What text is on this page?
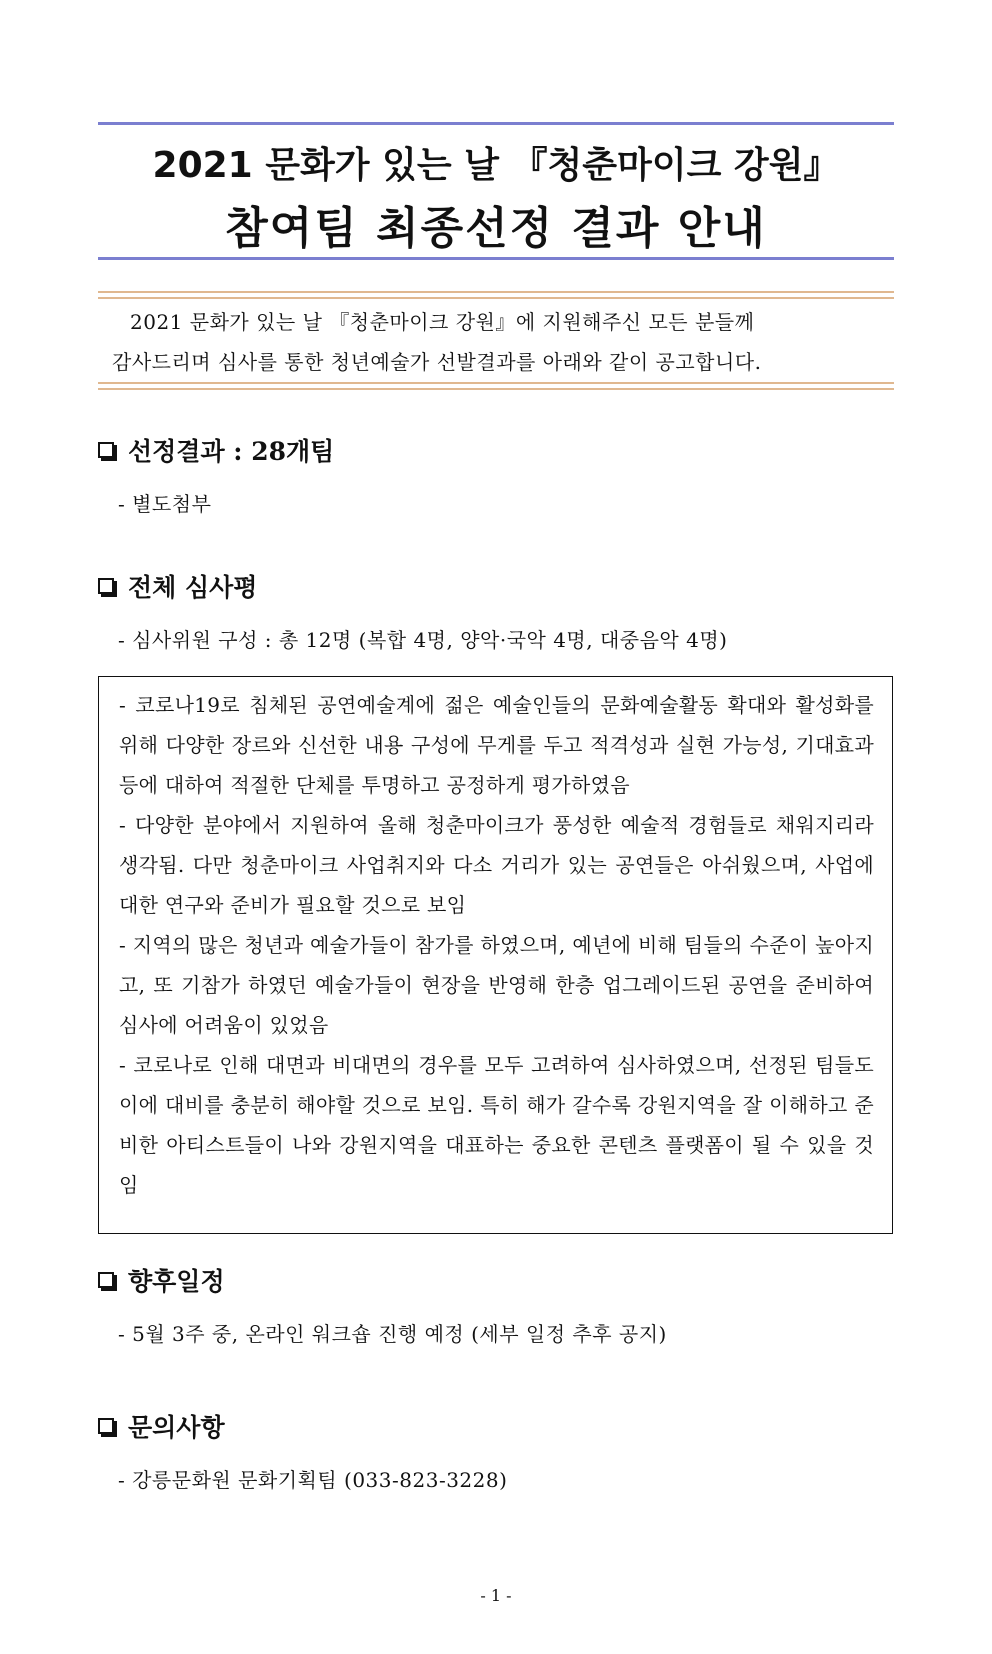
2021 문화가 있는 날 『청춘마이크 강원』
참여팀 최종선정 결과 안내
2021 문화가 있는 날 『청춘마이크 강원』에 지원해주신 모든 분들께
감사드리며 심사를 통한 청년예술가 선발결과를 아래와 같이 공고합니다.
선정결과 : 28개팀
- 별도첨부
전체 심사평
- 심사위원 구성 : 총 12명 (복합 4명, 양악·국악 4명, 대중음악 4명)

- 코로나19로 침체된 공연예술계에 젊은 예술인들의 문화예술활동 확대와 활성화를 위해 다양한 장르와 신선한 내용 구성에 무게를 두고 적격성과 실현 가능성, 기대효과 등에 대하여 적절한 단체를 투명하고 공정하게 평가하였음

- 다양한 분야에서 지원하여 올해 청춘마이크가 풍성한 예술적 경험들로 채워지리라 생각됨. 다만 청춘마이크 사업취지와 다소 거리가 있는 공연들은 아쉬웠으며, 사업에 대한 연구와 준비가 필요할 것으로 보임

- 지역의 많은 청년과 예술가들이 참가를 하였으며, 예년에 비해 팀들의 수준이 높아지고, 또 기참가 하였던 예술가들이 현장을 반영해 한층 업그레이드된 공연을 준비하여 심사에 어려움이 있었음

- 코로나로 인해 대면과 비대면의 경우를 모두 고려하여 심사하였으며, 선정된 팀들도 이에 대비를 충분히 해야할 것으로 보임. 특히 해가 갈수록 강원지역을 잘 이해하고 준비한 아티스트들이 나와 강원지역을 대표하는 중요한 콘텐츠 플랫폼이 될 수 있을 것임

향후일정
- 5월 3주 중, 온라인 워크숍 진행 예정 (세부 일정 추후 공지)
문의사항
- 강릉문화원 문화기획팀 (033-823-3228)
- 1 -
